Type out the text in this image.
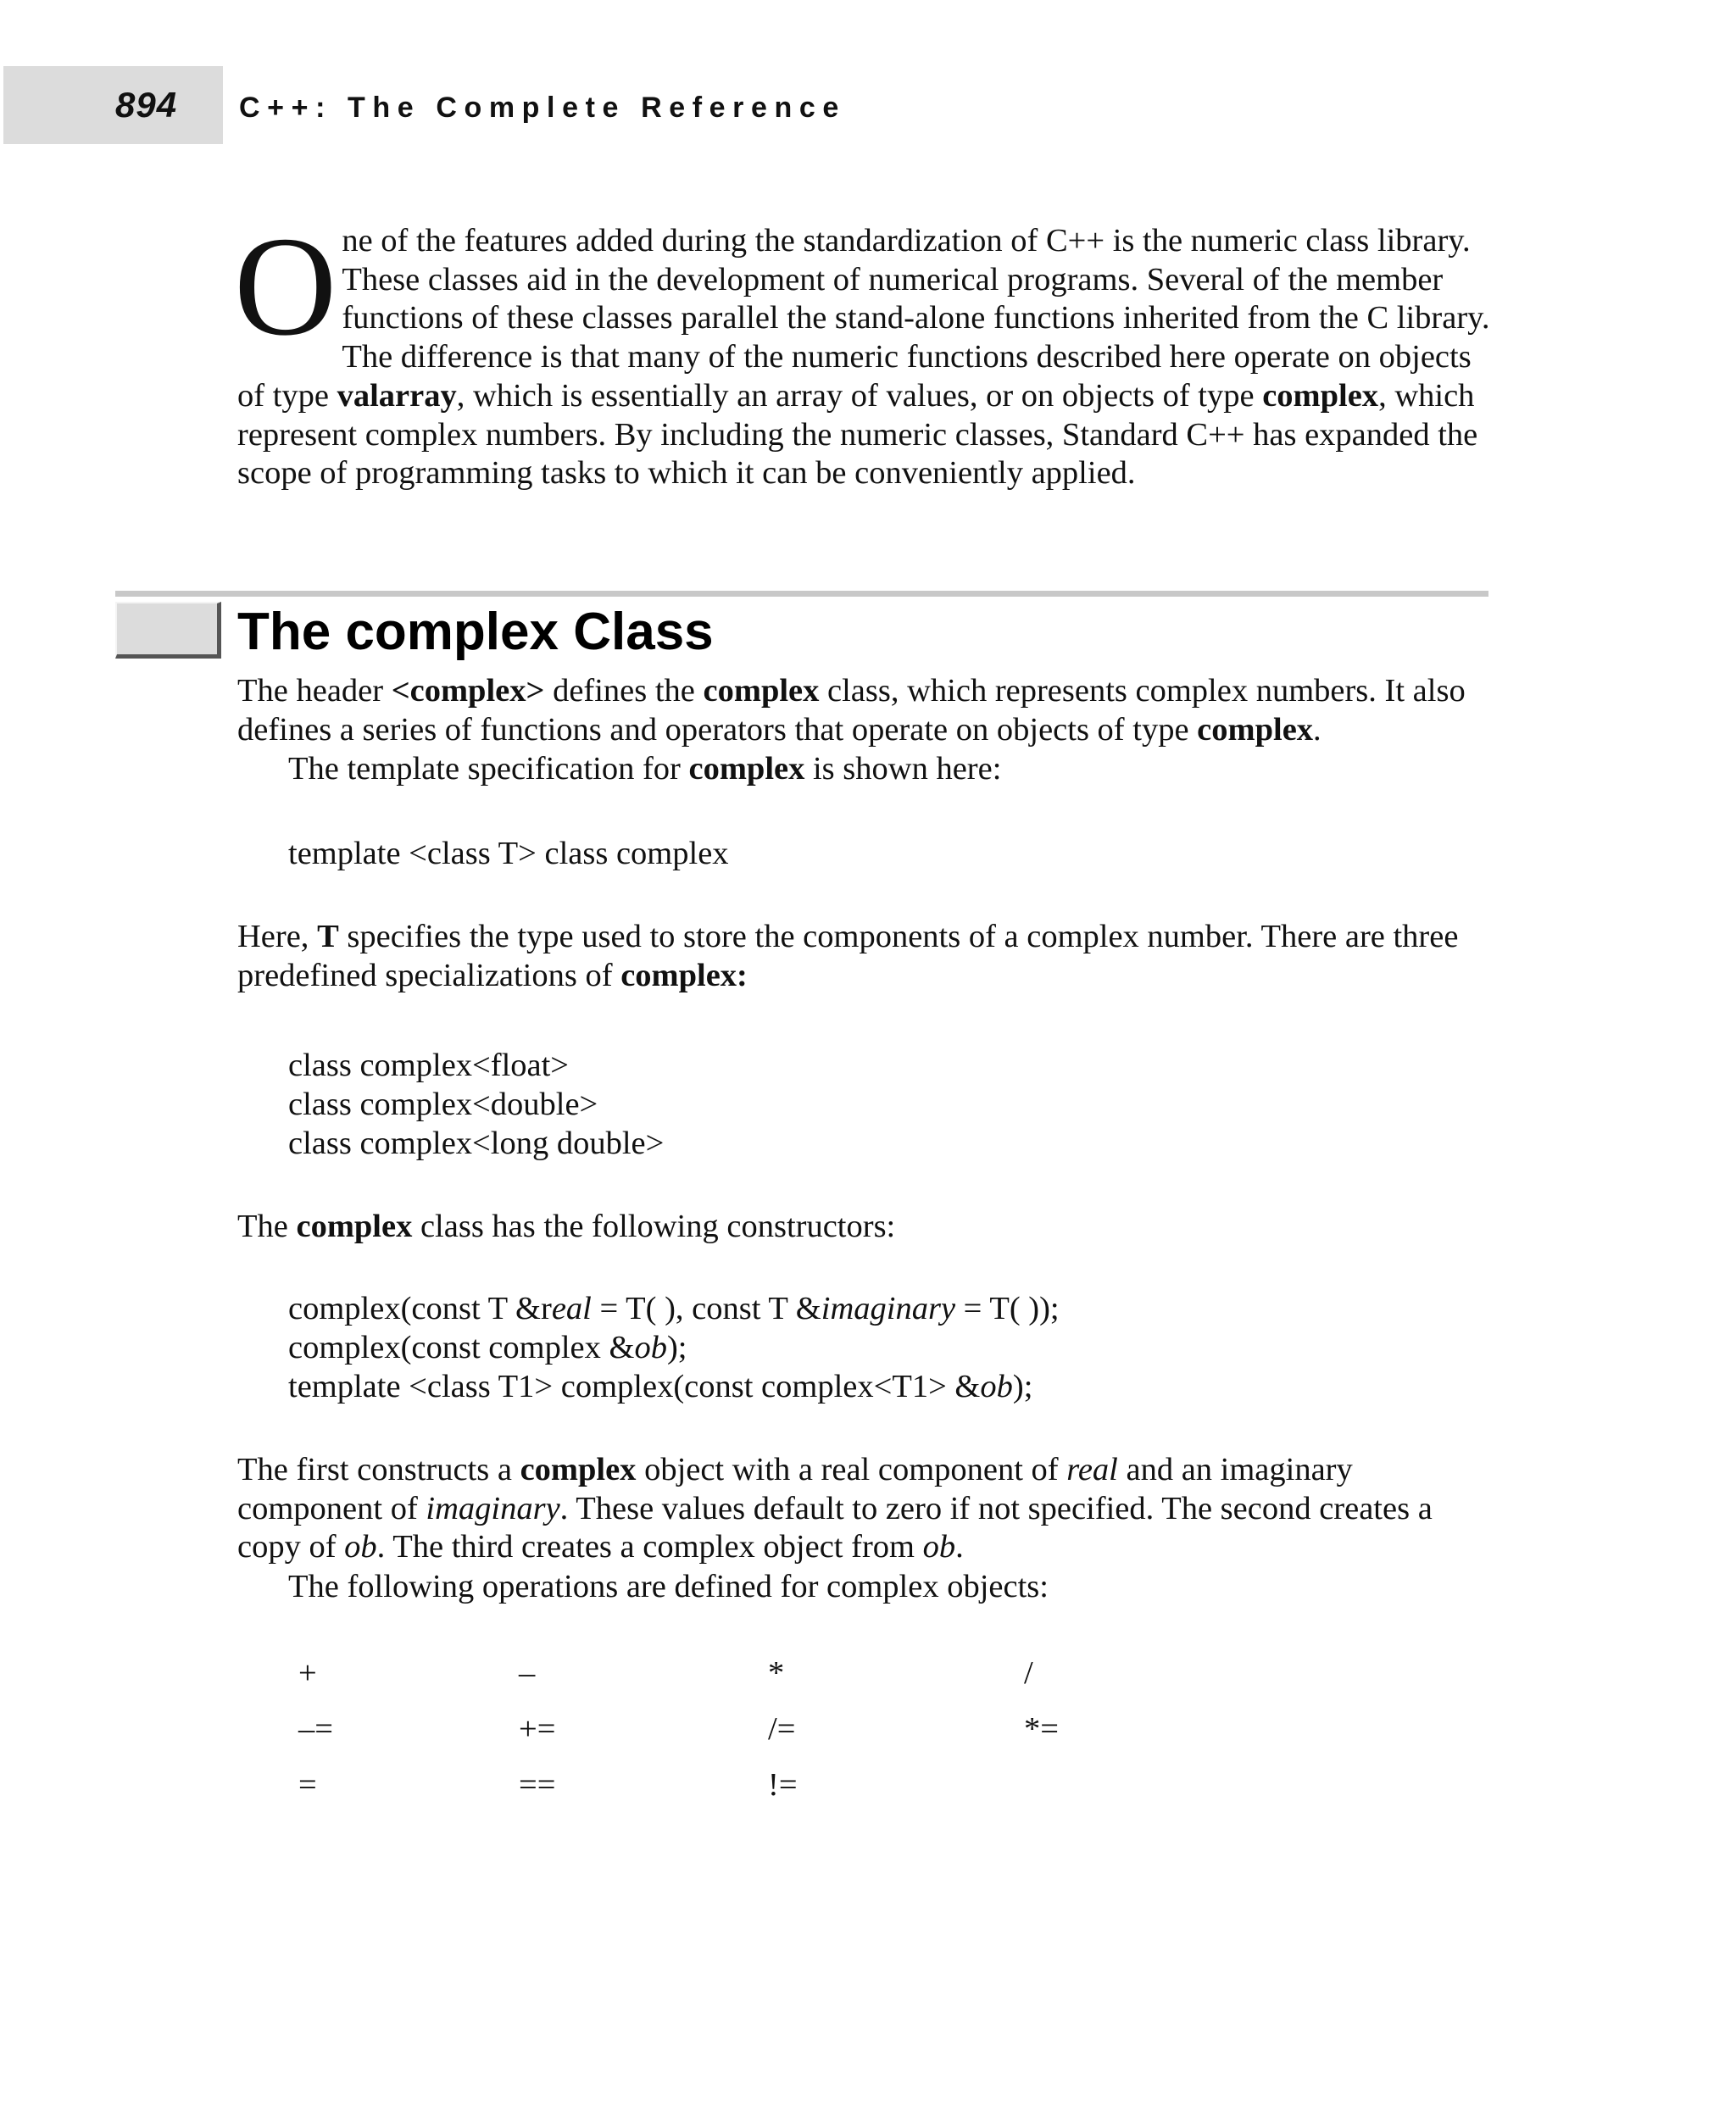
894 C++: The Complete Reference

One of the features added during the standardization of C++ is the numeric class library. These classes aid in the development of numerical programs. Several of the member functions of these classes parallel the stand-alone functions inherited from the C library. The difference is that many of the numeric functions described here operate on objects of type valarray, which is essentially an array of values, or on objects of type complex, which represent complex numbers. By including the numeric classes, Standard C++ has expanded the scope of programming tasks to which it can be conveniently applied.

The complex Class

The header <complex> defines the complex class, which represents complex numbers. It also defines a series of functions and operators that operate on objects of type complex.

The template specification for complex is shown here:

template <class T> class complex

Here, T specifies the type used to store the components of a complex number. There are three predefined specializations of complex:

class complex<float>
class complex<double>
class complex<long double>

The complex class has the following constructors:

complex(const T &real = T( ), const T &imaginary = T( ));
complex(const complex &ob);
template <class T1> complex(const complex<T1> &ob);

The first constructs a complex object with a real component of real and an imaginary component of imaginary. These values default to zero if not specified. The second creates a copy of ob. The third creates a complex object from ob.

The following operations are defined for complex objects:

+	–	*	/
–=	+=	/=	*=
=	==	!=
